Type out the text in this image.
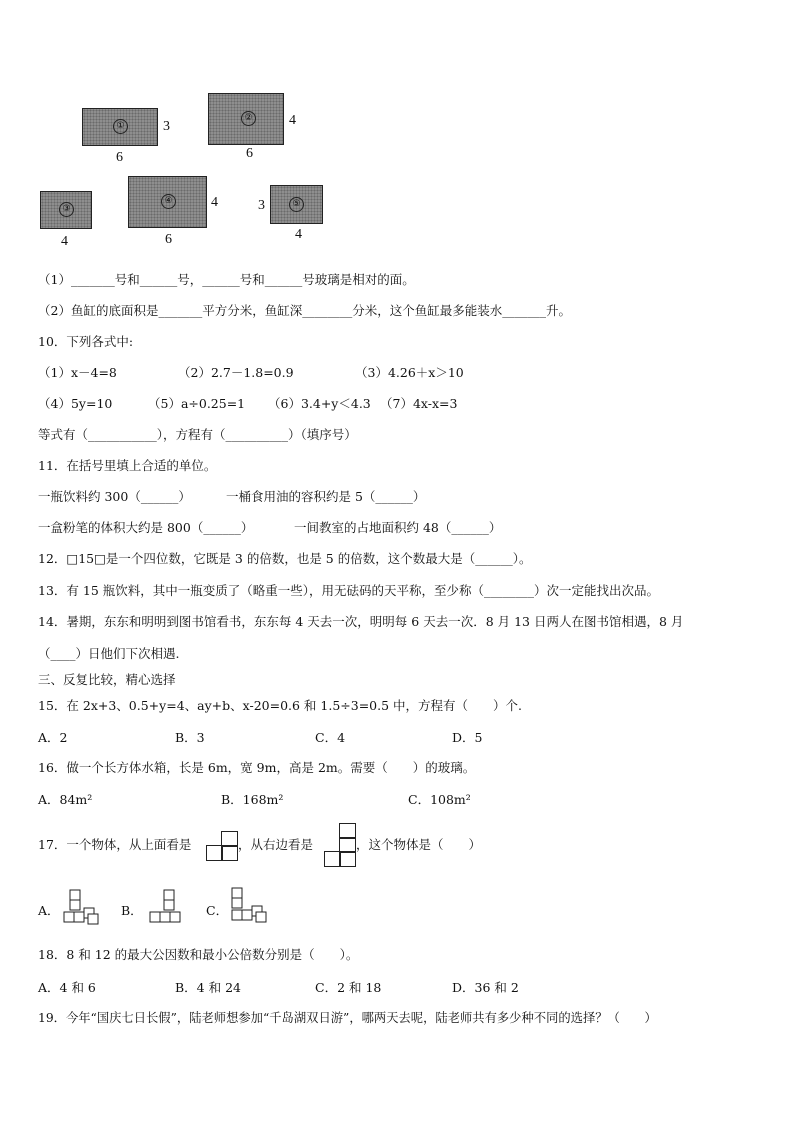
①	3
6
②	4
6
③
4
④	4
6
⑤
3
4
（1）_______号和______号，______号和______号玻璃是相对的面。
（2）鱼缸的底面积是_______平方分米，鱼缸深________分米，这个鱼缸最多能装水_______升。
10．下列各式中:
（1）x－4=8	（2）2.7－1.8=0.9	（3）4.26＋x＞10
（4）5y=10	（5）a÷0.25=1 （6）3.4+y＜4.3 （7）4x-x=3
等式有（___________），方程有（__________）（填序号）
11．在括号里填上合适的单位。
一瓶饮料约 300（______）	一桶食用油的容积约是 5（______）
一盒粉笔的体积大约是 800（______）	一间教室的占地面积约 48（______）
12．□15□是一个四位数，它既是 3 的倍数，也是 5 的倍数，这个数最大是（______）。
13．有 15 瓶饮料，其中一瓶变质了（略重一些），用无砝码的天平称，至少称（________）次一定能找出次品。
14．暑期，东东和明明到图书馆看书，东东每 4 天去一次，明明每 6 天去一次．8 月 13 日两人在图书馆相遇，8 月
（____）日他们下次相遇.
三、反复比较，精心选择
15．在 2x+3、0.5+y=4、ay+b、x-20=0.6 和 1.5÷3=0.5 中，方程有（　　）个.
A．2	B．3	C．4	D．5
16．做一个长方体水箱，长是 6m，宽 9m，高是 2m。需要（　　）的玻璃。
A．84m²	B．168m²	C．108m²
17．一个物体，从上面看是	，从右边看是	，这个物体是（　　）
A．	B．	C．
18．8 和 12 的最大公因数和最小公倍数分别是（　　）。
A．4 和 6	B．4 和 24	C．2 和 18	D．36 和 2
19．今年“国庆七日长假”，陆老师想参加“千岛湖双日游”，哪两天去呢，陆老师共有多少种不同的选择？（　　）
